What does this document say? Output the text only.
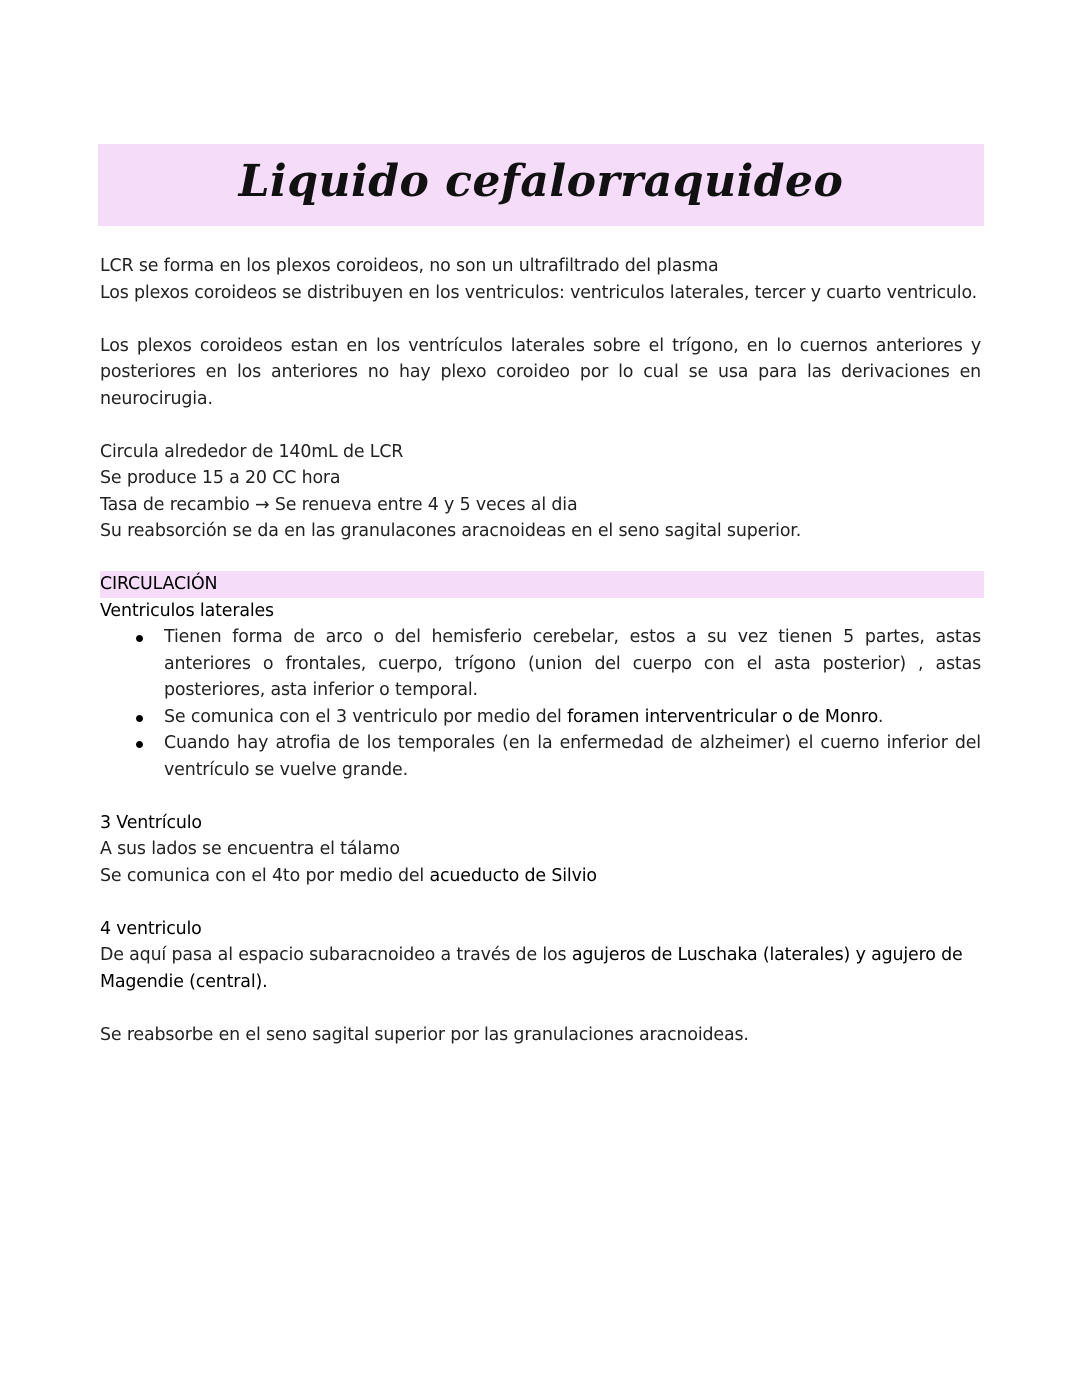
Liquido cefalorraquideo

LCR se forma en los plexos coroideos, no son un ultrafiltrado del plasma

Los plexos coroideos se distribuyen en los ventriculos: ventriculos laterales, tercer y cuarto ventriculo.

Los plexos coroideos estan en los ventrículos laterales sobre el trígono, en lo cuernos anteriores y posteriores en los anteriores no hay plexo coroideo por lo cual se usa para las derivaciones en neurocirugia.

Circula alrededor de 140mL de LCR

Se produce 15 a 20 CC hora

Tasa de recambio → Se renueva entre 4 y 5 veces al dia

Su reabsorción se da en las granulacones aracnoideas en el seno sagital superior.

CIRCULACIÓN

Ventriculos laterales

Tienen forma de arco o del hemisferio cerebelar, estos a su vez tienen 5 partes, astas anteriores o frontales, cuerpo, trígono (union del cuerpo con el asta posterior) , astas posteriores, asta inferior o temporal.
Se comunica con el 3 ventriculo por medio del foramen interventricular o de Monro.
Cuando hay atrofia de los temporales (en la enfermedad de alzheimer) el cuerno inferior del ventrículo se vuelve grande.

3 Ventrículo

A sus lados se encuentra el tálamo

Se comunica con el 4to por medio del acueducto de Silvio

4 ventriculo

De aquí pasa al espacio subaracnoideo a través de los agujeros de Luschaka (laterales) y agujero de Magendie (central).

Se reabsorbe en el seno sagital superior por las granulaciones aracnoideas.
